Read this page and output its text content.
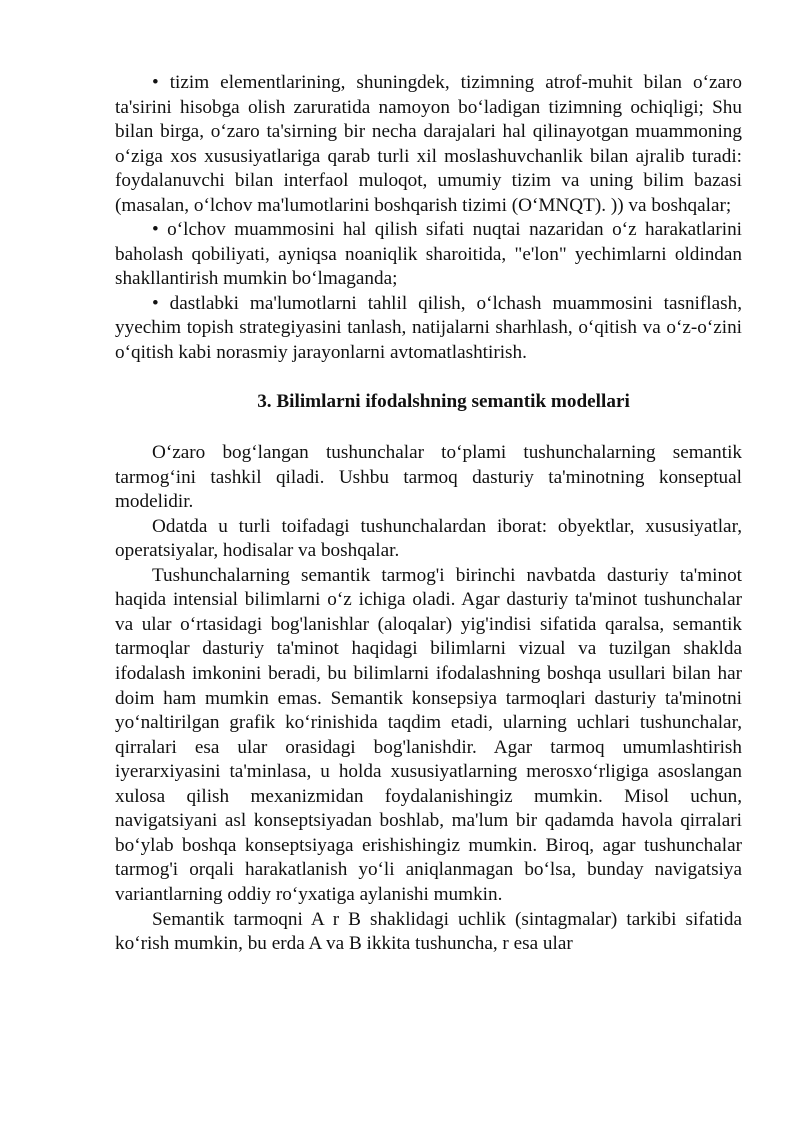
• tizim elementlarining, shuningdek, tizimning atrof-muhit bilan o‘zaro ta'sirini hisobga olish zaruratida namoyon bo‘ladigan tizimning ochiqligi; Shu bilan birga, o‘zaro ta'sirning bir necha darajalari hal qilinayotgan muammoning o‘ziga xos xususiyatlariga qarab turli xil moslashuvchanlik bilan ajralib turadi: foydalanuvchi bilan interfaol muloqot, umumiy tizim va uning bilim bazasi (masalan, o‘lchov ma'lumotlarini boshqarish tizimi (O‘MNQT). )) va boshqalar;

• o‘lchov muammosini hal qilish sifati nuqtai nazaridan o‘z harakatlarini baholash qobiliyati, ayniqsa noaniqlik sharoitida, "e'lon" yechimlarni oldindan shakllantirish mumkin bo‘lmaganda;

• dastlabki ma'lumotlarni tahlil qilish, o‘lchash muammosini tasniflash, yyechim topish strategiyasini tanlash, natijalarni sharhlash, o‘qitish va o‘z-o‘zini o‘qitish kabi norasmiy jarayonlarni avtomatlashtirish.

3. Bilimlarni ifodalshning semantik modellari

O‘zaro bog‘langan tushunchalar to‘plami tushunchalarning semantik tarmog‘ini tashkil qiladi. Ushbu tarmoq dasturiy ta'minotning konseptual modelidir.

Odatda u turli toifadagi tushunchalardan iborat: obyektlar, xususiyatlar, operatsiyalar, hodisalar va boshqalar.

Tushunchalarning semantik tarmog'i birinchi navbatda dasturiy ta'minot haqida intensial bilimlarni o‘z ichiga oladi. Agar dasturiy ta'minot tushunchalar va ular o‘rtasidagi bog'lanishlar (aloqalar) yig'indisi sifatida qaralsa, semantik tarmoqlar dasturiy ta'minot haqidagi bilimlarni vizual va tuzilgan shaklda ifodalash imkonini beradi, bu bilimlarni ifodalashning boshqa usullari bilan har doim ham mumkin emas. Semantik konsepsiya tarmoqlari dasturiy ta'minotni yo‘naltirilgan grafik ko‘rinishida taqdim etadi, ularning uchlari tushunchalar, qirralari esa ular orasidagi bog'lanishdir. Agar tarmoq umumlashtirish iyerarxiyasini ta'minlasa, u holda xususiyatlarning merosxo‘rligiga asoslangan xulosa qilish mexanizmidan foydalanishingiz mumkin. Misol uchun, navigatsiyani asl konseptsiyadan boshlab, ma'lum bir qadamda havola qirralari bo‘ylab boshqa konseptsiyaga erishishingiz mumkin. Biroq, agar tushunchalar tarmog'i orqali harakatlanish yo‘li aniqlanmagan bo‘lsa, bunday navigatsiya variantlarning oddiy ro‘yxatiga aylanishi mumkin.

Semantik tarmoqni A r B shaklidagi uchlik (sintagmalar) tarkibi sifatida ko‘rish mumkin, bu erda A va B ikkita tushuncha, r esa ular
